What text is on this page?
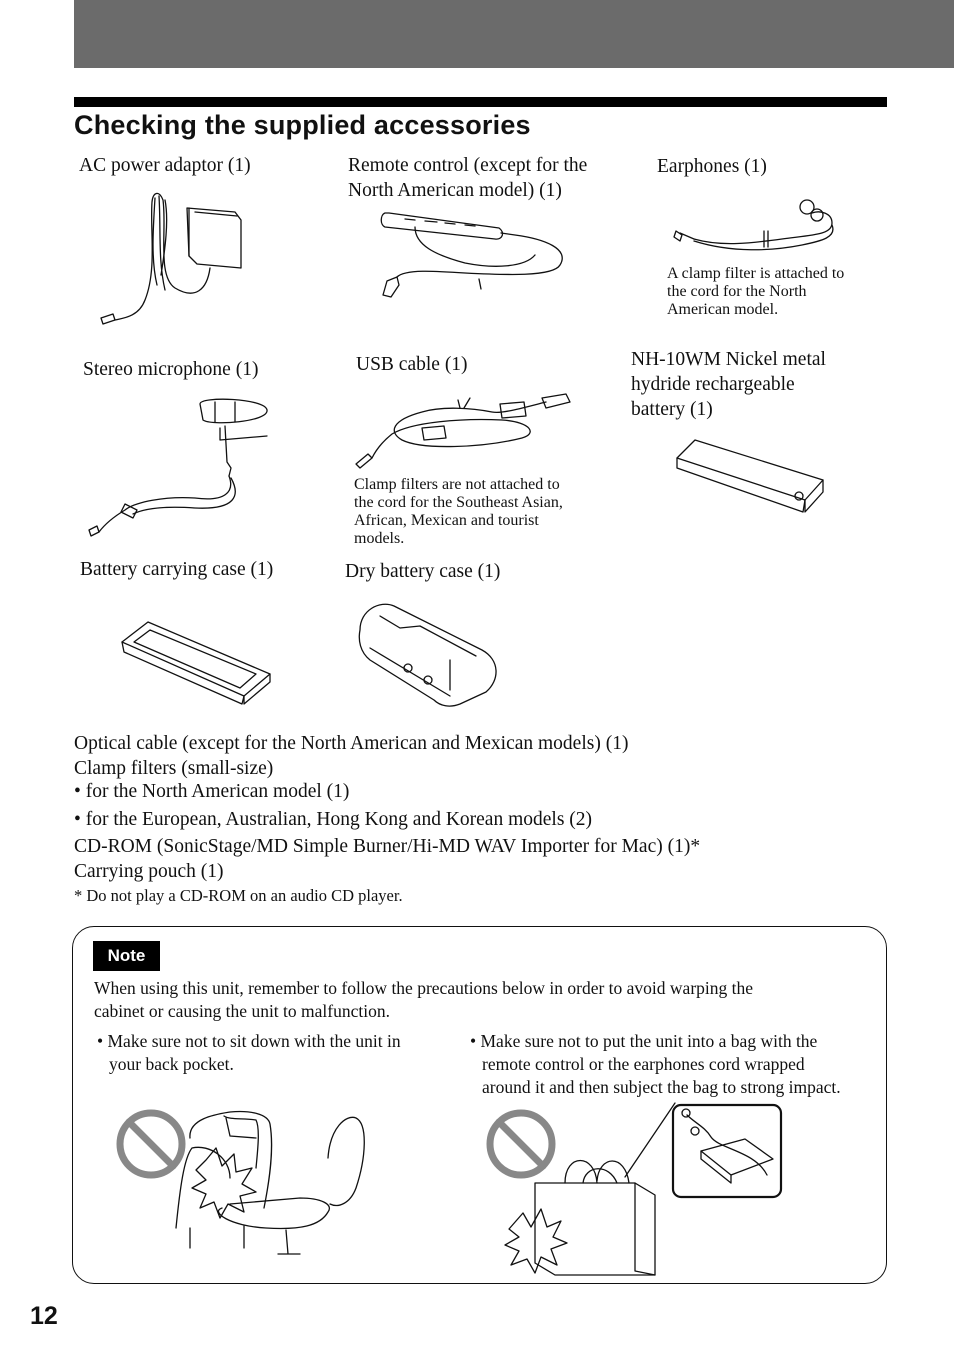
Checking the supplied accessories
AC power adaptor (1)	Remote control (except for the
North American model) (1)
Earphones (1)
A clamp filter is attached to
the cord for the North
American model.
Stereo microphone (1)	USB cable (1)	NH-10WM Nickel metal
hydride rechargeable
battery (1)
Clamp filters are not attached to
the cord for the Southeast Asian,
African, Mexican and tourist
models.
Battery carrying case (1)	Dry battery case (1)
Optical cable (except for the North American and Mexican models) (1)
Clamp filters (small-size)
• for the North American model (1)
• for the European, Australian, Hong Kong and Korean models (2)
CD-ROM (SonicStage/MD Simple Burner/Hi-MD WAV Importer for Mac) (1)*
Carrying pouch (1)
* Do not play a CD-ROM on an audio CD player.
Note
When using this unit, remember to follow the precautions below in order to avoid warping the
cabinet or causing the unit to malfunction.
• Make sure not to sit down with the unit in
your back pocket.
• Make sure not to put the unit into a bag with the
remote control or the earphones cord wrapped
around it and then subject the bag to strong impact.
12
